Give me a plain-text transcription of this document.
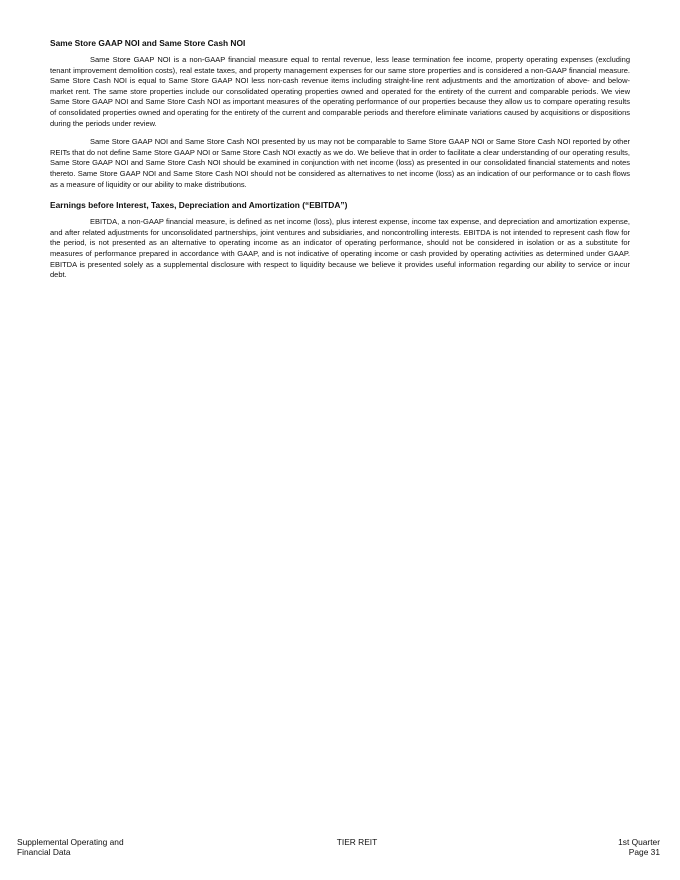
Same Store GAAP NOI and Same Store Cash NOI

Same Store GAAP NOI is a non-GAAP financial measure equal to rental revenue, less lease termination fee income, property operating expenses (excluding tenant improvement demolition costs), real estate taxes, and property management expenses for our same store properties and is considered a non-GAAP financial measure. Same Store Cash NOI is equal to Same Store GAAP NOI less non-cash revenue items including straight-line rent adjustments and the amortization of above- and below-market rent. The same store properties include our consolidated operating properties owned and operated for the entirety of the current and comparable periods. We view Same Store GAAP NOI and Same Store Cash NOI as important measures of the operating performance of our properties because they allow us to compare operating results of consolidated properties owned and operating for the entirety of the current and comparable periods and therefore eliminate variations caused by acquisitions or dispositions during the periods under review.

Same Store GAAP NOI and Same Store Cash NOI presented by us may not be comparable to Same Store GAAP NOI or Same Store Cash NOI reported by other REITs that do not define Same Store GAAP NOI or Same Store Cash NOI exactly as we do. We believe that in order to facilitate a clear understanding of our operating results, Same Store GAAP NOI and Same Store Cash NOI should be examined in conjunction with net income (loss) as presented in our consolidated financial statements and notes thereto. Same Store GAAP NOI and Same Store Cash NOI should not be considered as alternatives to net income (loss) as an indication of our performance or to cash flows as a measure of liquidity or our ability to make distributions.

Earnings before Interest, Taxes, Depreciation and Amortization (“EBITDA”)

EBITDA, a non-GAAP financial measure, is defined as net income (loss), plus interest expense, income tax expense, and depreciation and amortization expense, and after related adjustments for unconsolidated partnerships, joint ventures and subsidiaries, and noncontrolling interests. EBITDA is not intended to represent cash flow for the period, is not presented as an alternative to operating income as an indicator of operating performance, should not be considered in isolation or as a substitute for measures of performance prepared in accordance with GAAP, and is not indicative of operating income or cash provided by operating activities as determined under GAAP. EBITDA is presented solely as a supplemental disclosure with respect to liquidity because we believe it provides useful information regarding our ability to service or incur debt.

Supplemental Operating and
Financial Data
TIER REIT	1st Quarter
Page 31
